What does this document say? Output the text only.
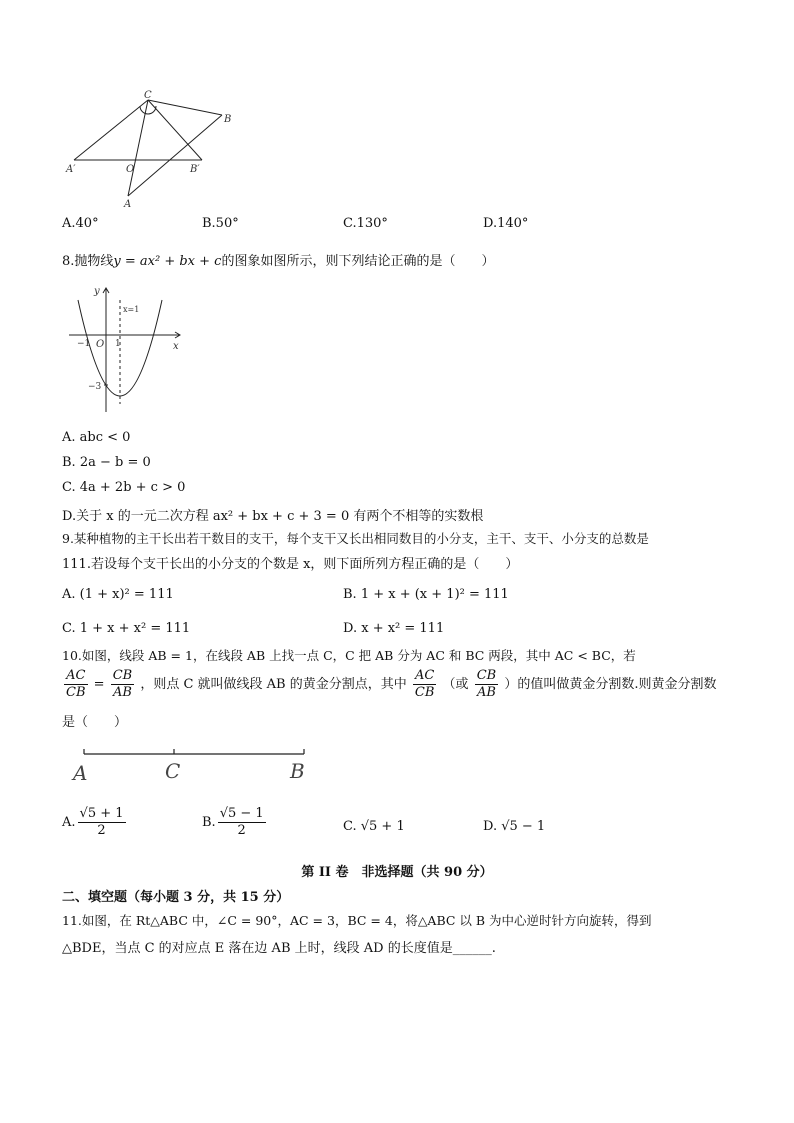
C
B
A′	O	B′
A
A.40°	B.50°	C.130°	D.140°
8.抛物线y = ax² + bx + c的图象如图所示，则下列结论正确的是（　　）
y
x
x=1
−1 O 1
−3
A. abc < 0
B. 2a − b = 0
C. 4a + 2b + c > 0
D.关于 x 的一元二次方程 ax² + bx + c + 3 = 0 有两个不相等的实数根
9.某种植物的主干长出若干数目的支干，每个支干又长出相同数目的小分支，主干、支干、小分支的总数是
111.若设每个支干长出的小分支的个数是 x，则下面所列方程正确的是（　　）
A. (1 + x)² = 111	B. 1 + x + (x + 1)² = 111
C. 1 + x + x² = 111	D. x + x² = 111
10.如图，线段 AB = 1，在线段 AB 上找一点 C，C 把 AB 分为 AC 和 BC 两段，其中 AC < BC，若
$\frac{AC}{CB} = \frac{CB}{AB}$ ，则点 C 就叫做线段 AB 的黄金分割点，其中 $\frac{AC}{CB}$ （或 $\frac{CB}{AB}$ ）的值叫做黄金分割数.则黄金分割数
是（　　）
A	C	B
A. $\frac{√5 + 1}{2}$	B. $\frac{√5 - 1}{2}$	C. √5 + 1	D. √5 − 1
第 II 卷　非选择题（共 90 分）
二、填空题（每小题 3 分，共 15 分）
11.如图，在 Rt△ABC 中，∠C = 90°，AC = 3，BC = 4，将△ABC 以 B 为中心逆时针方向旋转，得到
△BDE，当点 C 的对应点 E 落在边 AB 上时，线段 AD 的长度值是______.
